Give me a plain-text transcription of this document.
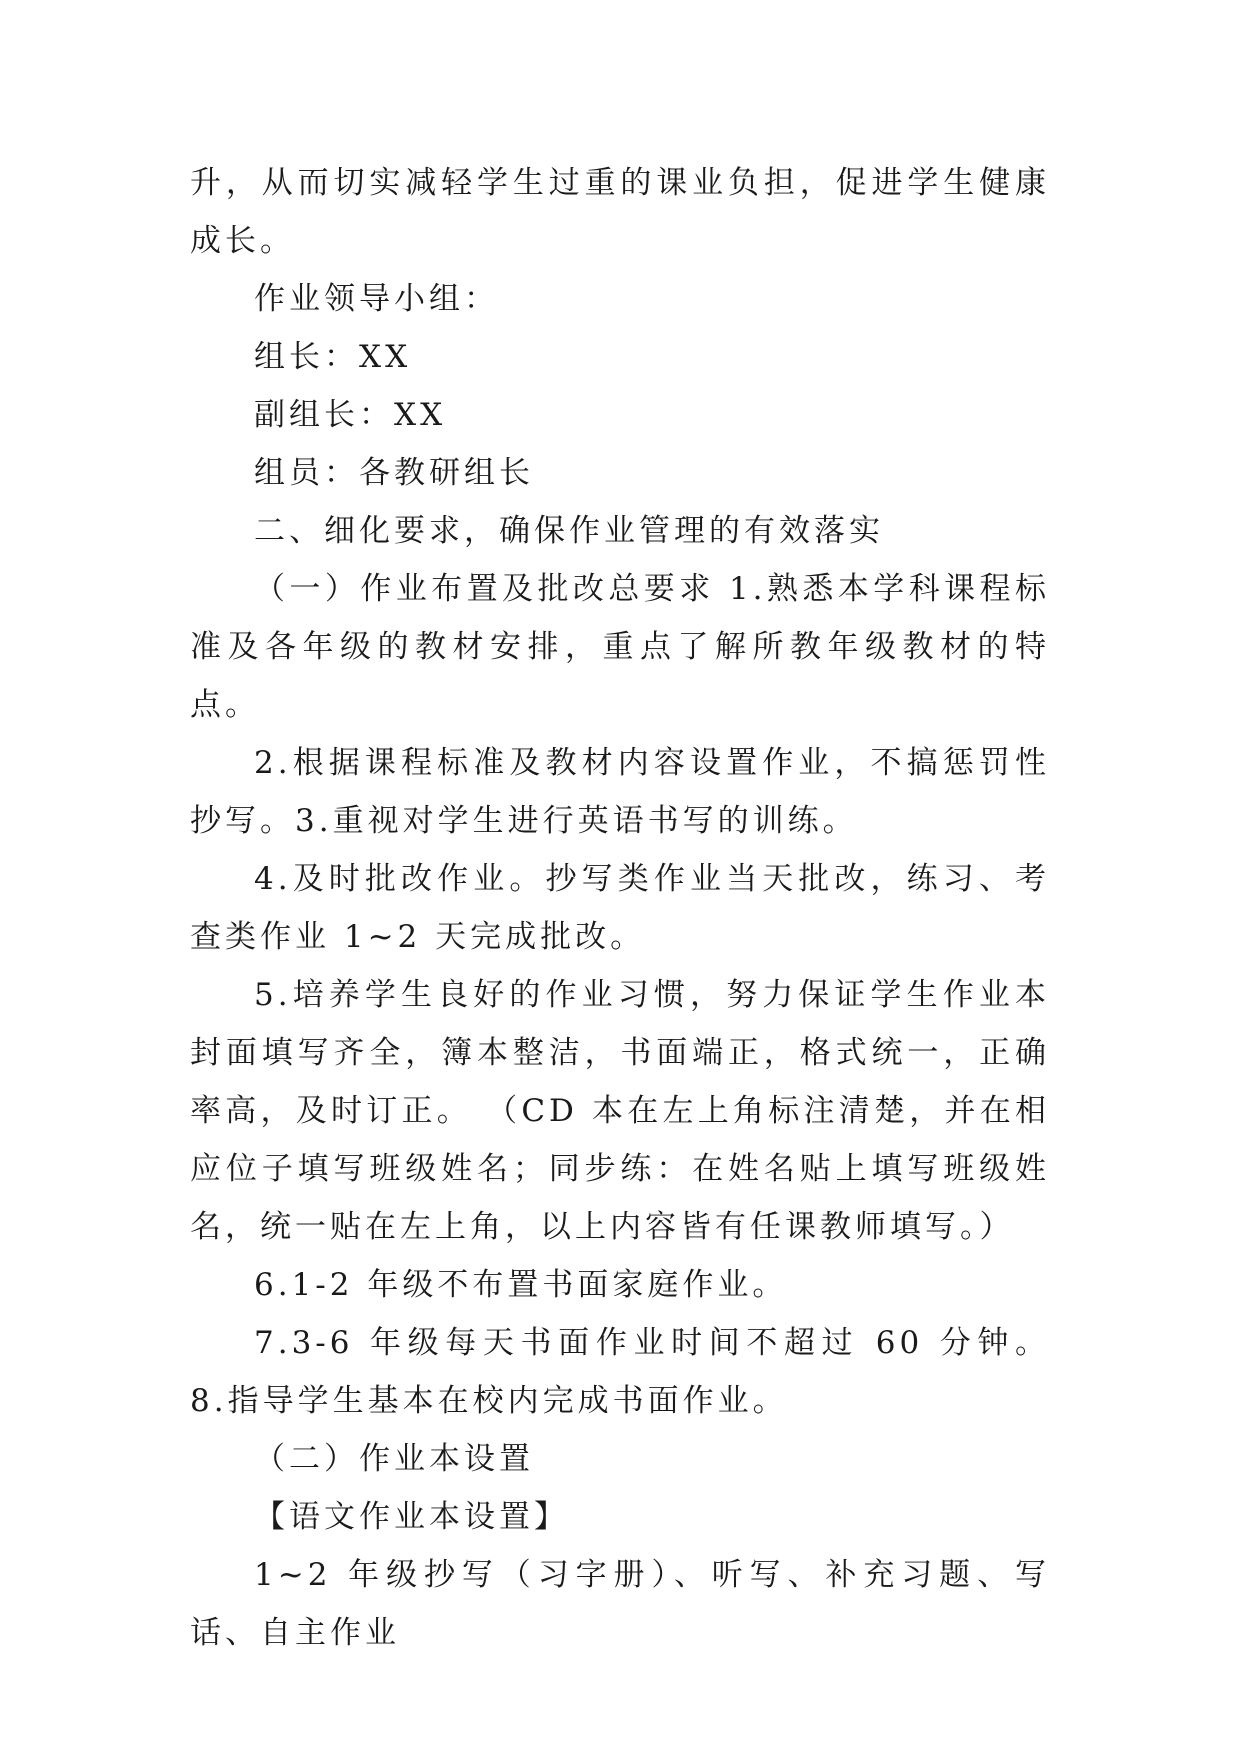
升，从而切实减轻学生过重的课业负担，促进学生健康成长。

作业领导小组：

组长：XX

副组长：XX

组员：各教研组长

二、细化要求，确保作业管理的有效落实

（一）作业布置及批改总要求 1.熟悉本学科课程标准及各年级的教材安排，重点了解所教年级教材的特点。

2.根据课程标准及教材内容设置作业，不搞惩罚性抄写。3.重视对学生进行英语书写的训练。

4.及时批改作业。抄写类作业当天批改，练习、考查类作业 1~2 天完成批改。

5.培养学生良好的作业习惯，努力保证学生作业本封面填写齐全，簿本整洁，书面端正，格式统一，正确率高，及时订正。 （CD 本在左上角标注清楚，并在相应位子填写班级姓名；同步练：在姓名贴上填写班级姓名，统一贴在左上角，以上内容皆有任课教师填写。）

6.1-2 年级不布置书面家庭作业。

7.3-6 年级每天书面作业时间不超过 60 分钟。 8.指导学生基本在校内完成书面作业。

（二）作业本设置

【语文作业本设置】

1~2 年级抄写（习字册）、听写、补充习题、写话、自主作业
